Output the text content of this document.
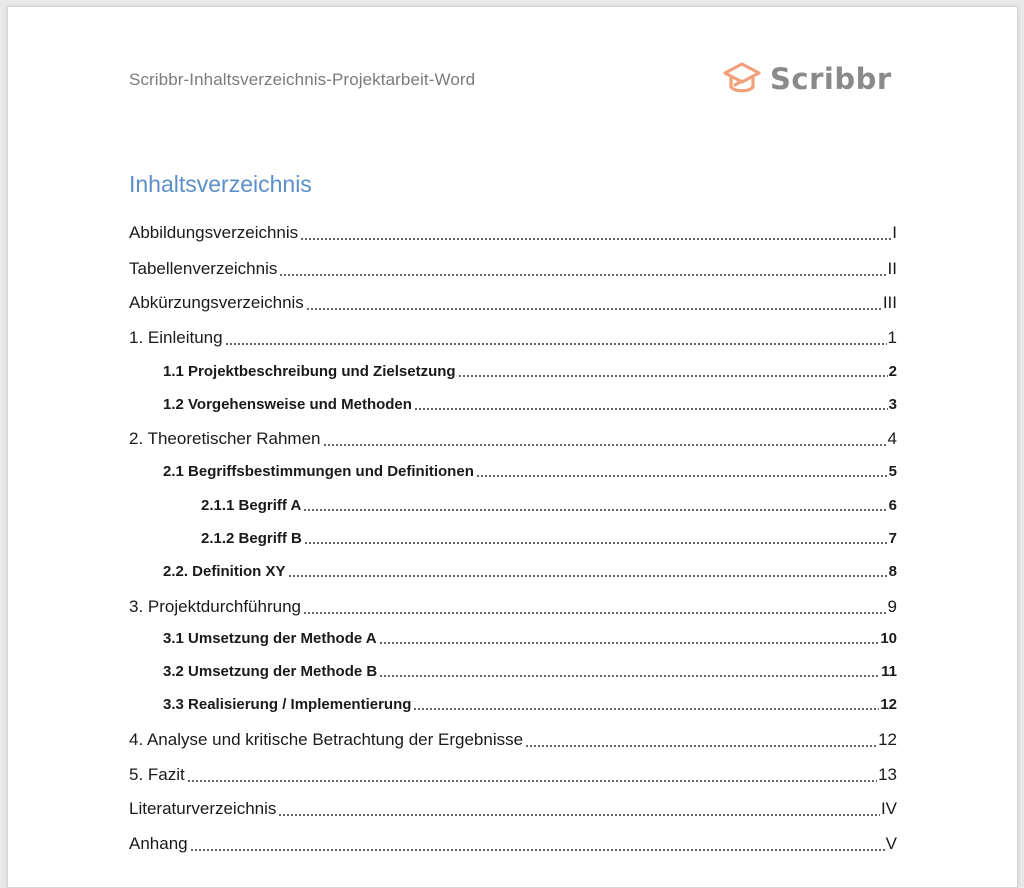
Scribbr-Inhaltsverzeichnis-Projektarbeit-Word	Scribbr
Inhaltsverzeichnis
Abbildungsverzeichnis	I
Tabellenverzeichnis	II
Abkürzungsverzeichnis	III
1. Einleitung	1
1.1 Projektbeschreibung und Zielsetzung	2
1.2 Vorgehensweise und Methoden	3
2. Theoretischer Rahmen	4
2.1 Begriffsbestimmungen und Definitionen	5
2.1.1 Begriff A	6
2.1.2 Begriff B	7
2.2. Definition XY	8
3. Projektdurchführung	9
3.1 Umsetzung der Methode A	10
3.2 Umsetzung der Methode B	11
3.3 Realisierung / Implementierung	12
4. Analyse und kritische Betrachtung der Ergebnisse	12
5. Fazit	13
Literaturverzeichnis	IV
Anhang	V
